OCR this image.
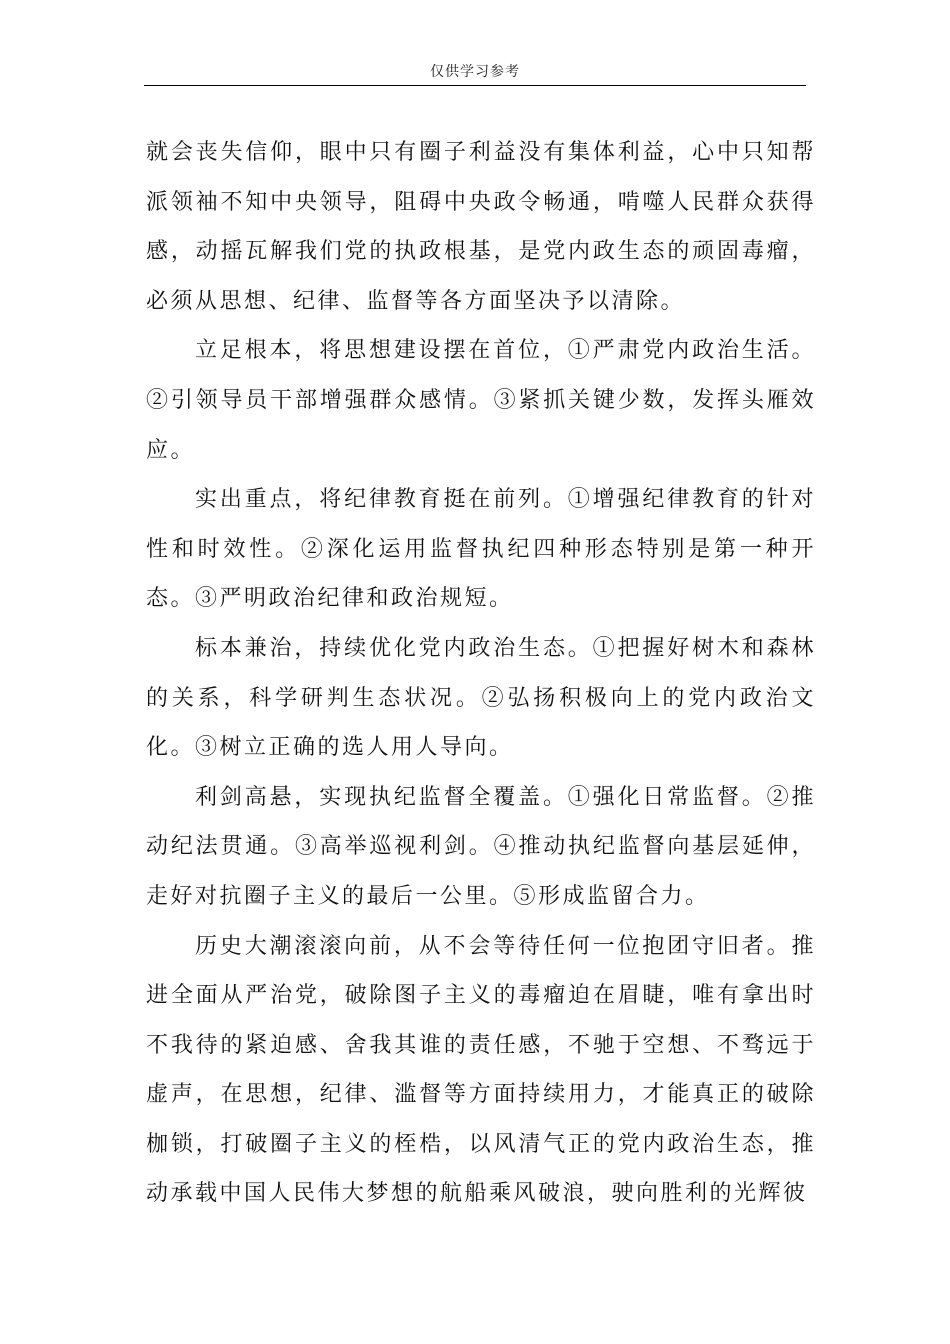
仅供学习参考

就会丧失信仰，眼中只有圈子利益没有集体利益，心中只知帮派领袖不知中央领导，阻碍中央政令畅通，啃噬人民群众获得感，动摇瓦解我们党的执政根基，是党内政生态的顽固毒瘤，必须从思想、纪律、监督等各方面坚决予以清除。

立足根本，将思想建设摆在首位，①严肃党内政治生活。②引领导员干部增强群众感情。③紧抓关键少数，发挥头雁效应。

实出重点，将纪律教育挺在前列。①增强纪律教育的针对性和时效性。②深化运用监督执纪四种形态特别是第一种开态。③严明政治纪律和政治规短。

标本兼治，持续优化党内政治生态。①把握好树木和森林的关系，科学研判生态状况。②弘扬积极向上的党内政治文化。③树立正确的选人用人导向。

利剑高悬，实现执纪监督全覆盖。①强化日常监督。②推动纪法贯通。③高举巡视利剑。④推动执纪监督向基层延伸，走好对抗圈子主义的最后一公里。⑤形成监留合力。

历史大潮滚滚向前，从不会等待任何一位抱团守旧者。推进全面从严治党，破除图子主义的毒瘤迫在眉睫，唯有拿出时不我待的紧迫感、舍我其谁的责任感，不驰于空想、不骛远于虚声，在思想，纪律、滥督等方面持续用力，才能真正的破除枷锁，打破圈子主义的桎梏，以风清气正的党内政治生态，推动承载中国人民伟大梦想的航船乘风破浪，驶向胜利的光辉彼
